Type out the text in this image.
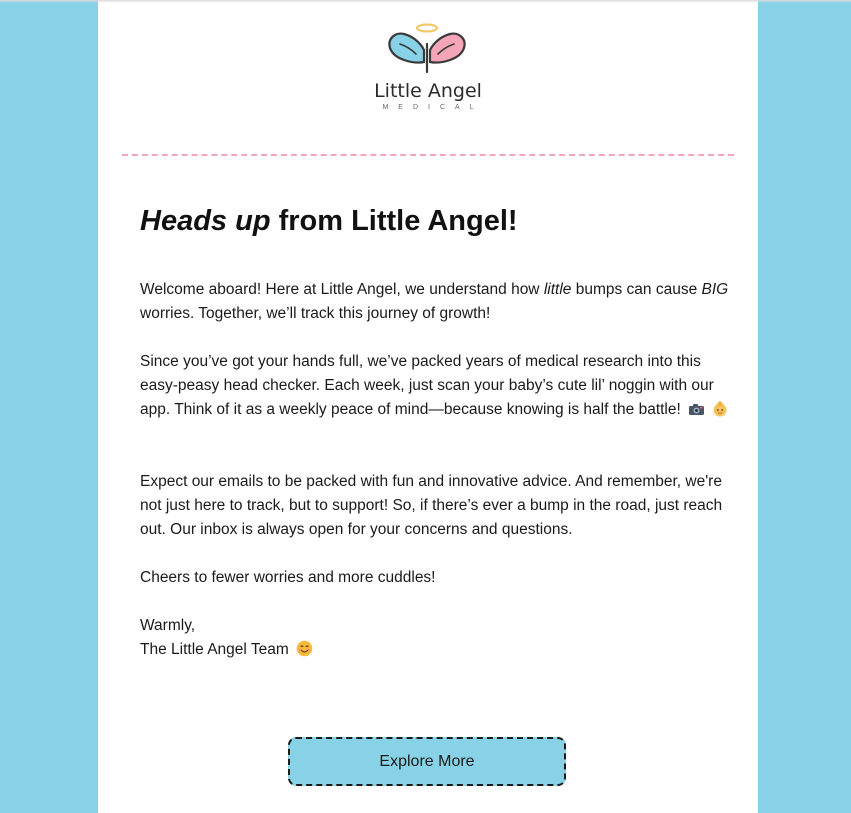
Little Angel
MEDICAL
Heads up from Little Angel!

Welcome aboard! Here at Little Angel, we understand how little bumps can cause BIG worries. Together, we’ll track this journey of growth!

Since you’ve got your hands full, we’ve packed years of medical research into this easy-peasy head checker. Each week, just scan your baby’s cute lil’ noggin with our app. Think of it as a weekly peace of mind—because knowing is half the battle!

Expect our emails to be packed with fun and innovative advice. And remember, we're not just here to track, but to support! So, if there’s ever a bump in the road, just reach out. Our inbox is always open for your concerns and questions.

Cheers to fewer worries and more cuddles!

Warmly,
The Little Angel Team

Explore More
